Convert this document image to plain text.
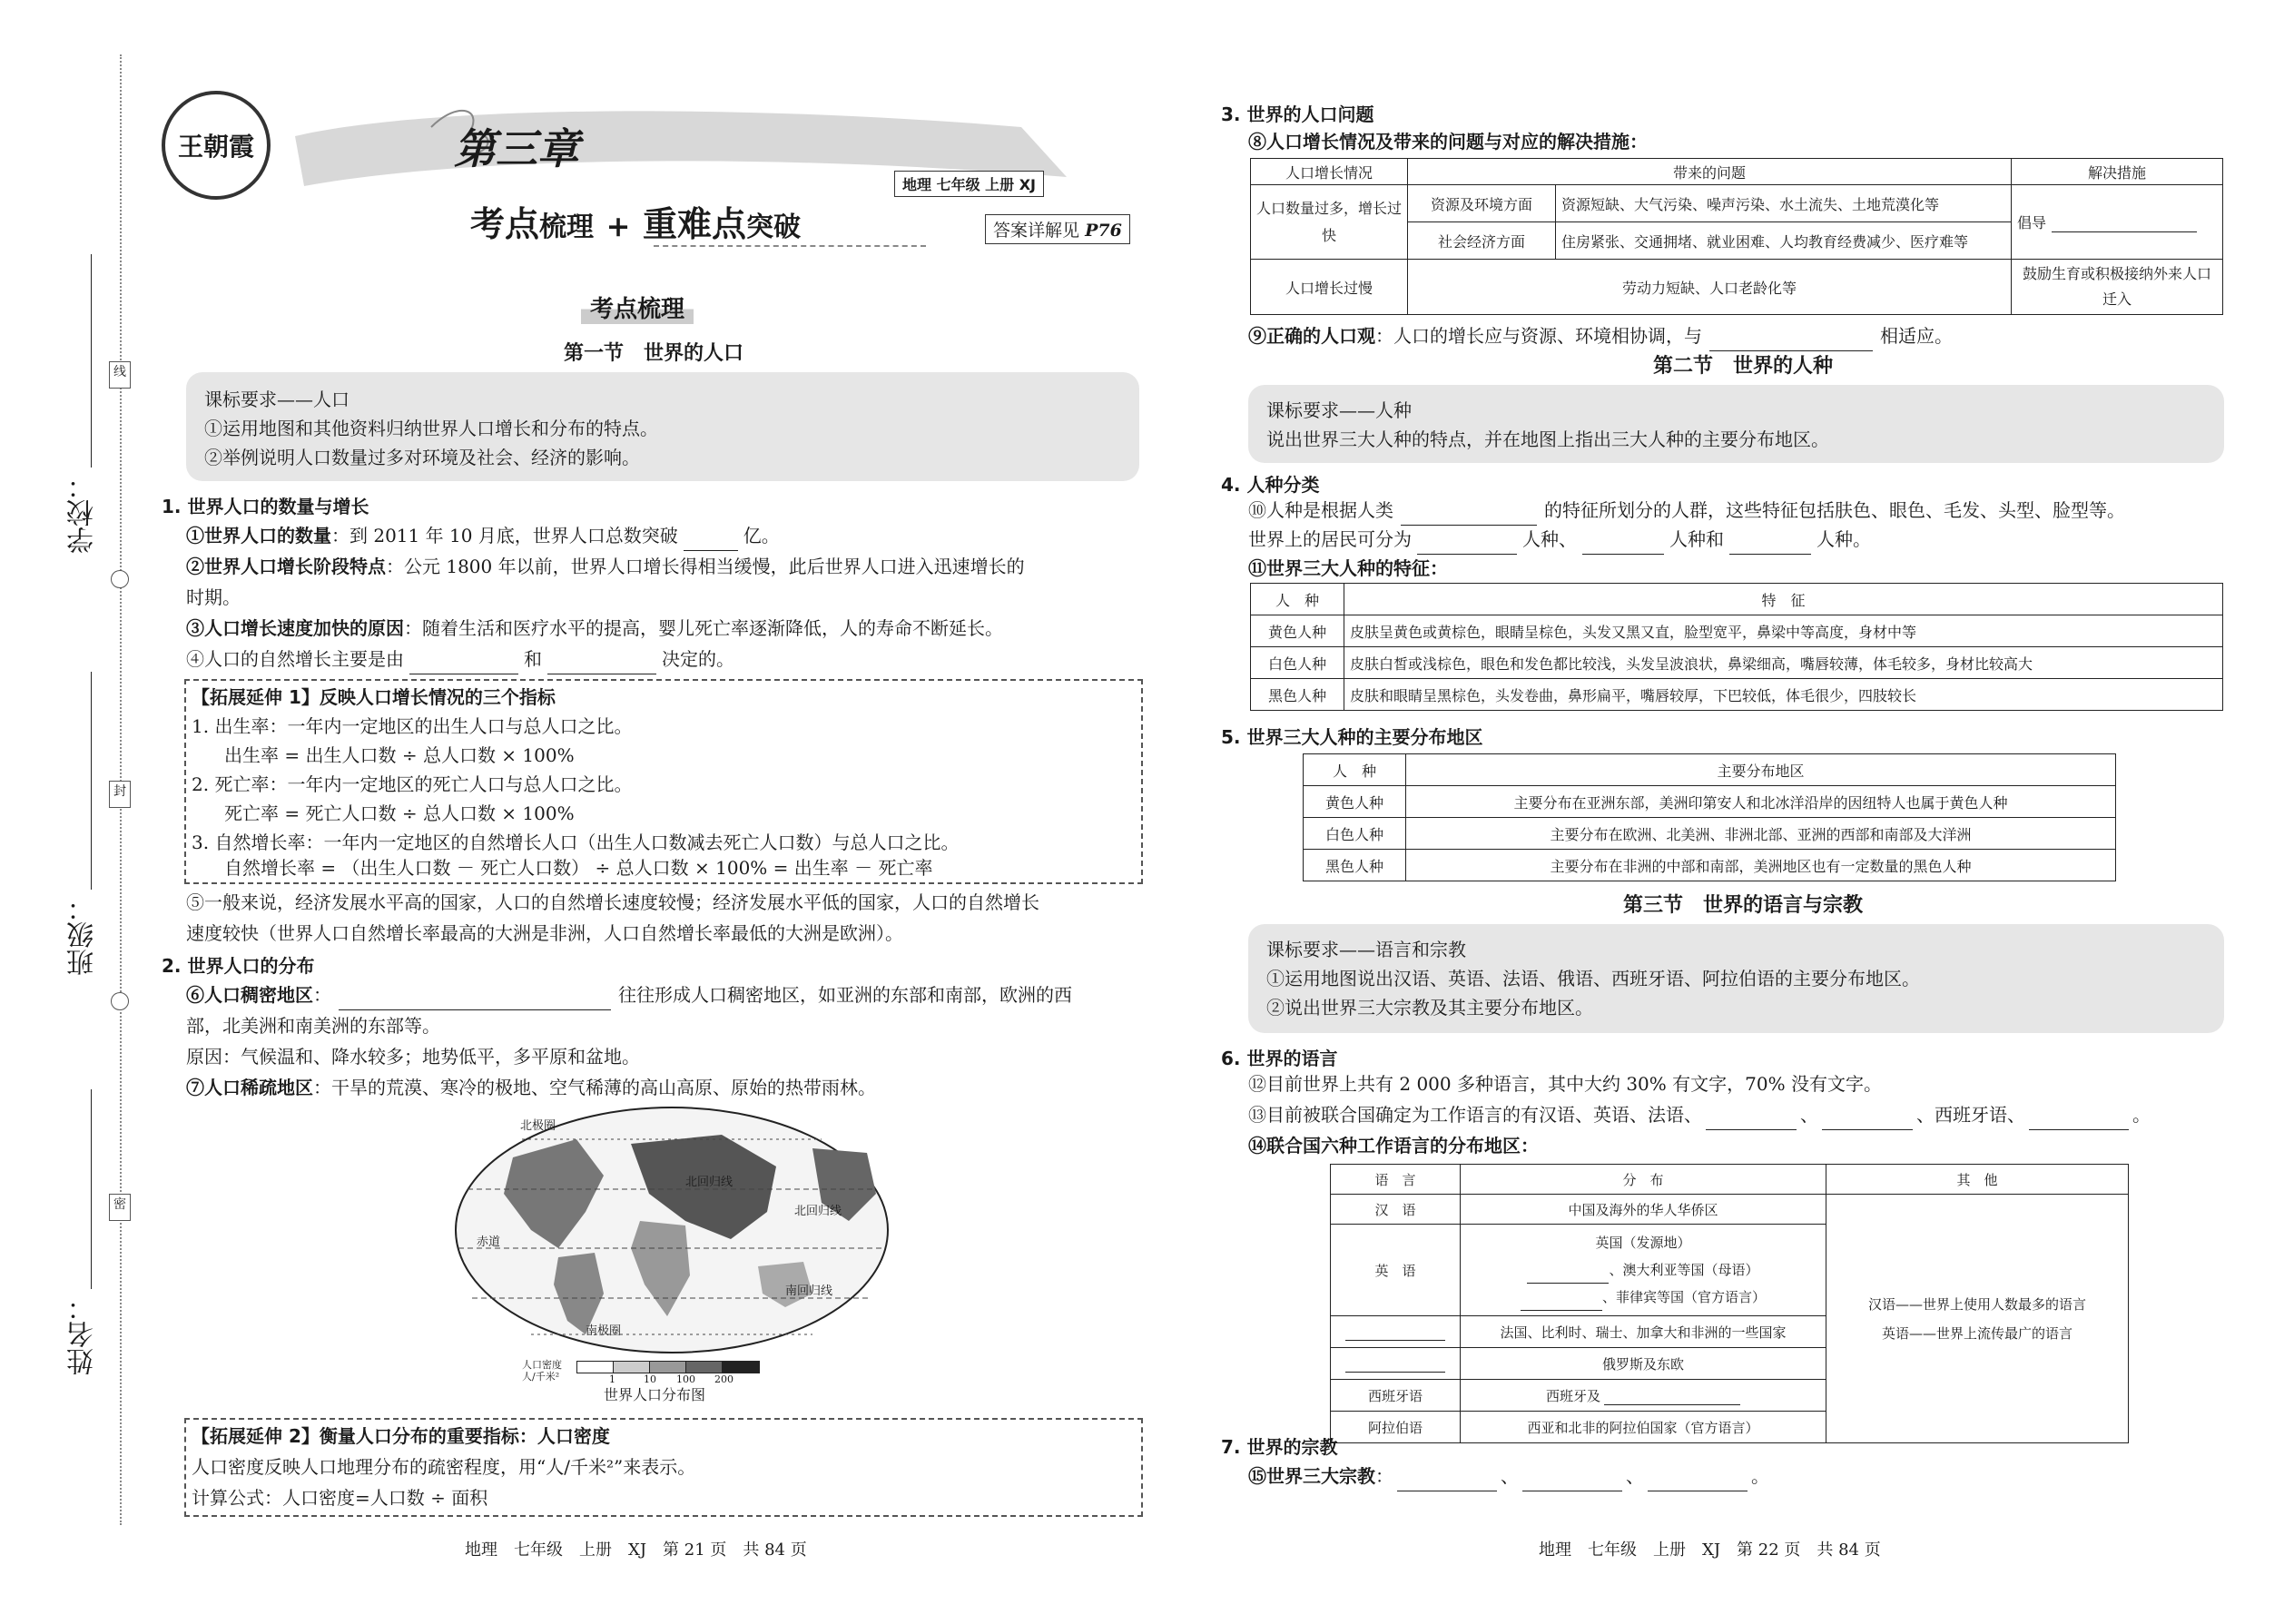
线
封
密
学校：
班级：
姓名：
王朝霞	第三章
考点梳理 + 重难点突破
地理 七年级 上册 XJ
答案详解见 P76
考点梳理
第一节　世界的人口
课标要求——人口
①运用地图和其他资料归纳世界人口增长和分布的特点。
②举例说明人口数量过多对环境及社会、经济的影响。
1. 世界人口的数量与增长
①世界人口的数量：到 2011 年 10 月底，世界人口总数突破	亿。
②世界人口增长阶段特点：公元 1800 年以前，世界人口增长得相当缓慢，此后世界人口进入迅速增长的
时期。
③人口增长速度加快的原因：随着生活和医疗水平的提高，婴儿死亡率逐渐降低，人的寿命不断延长。
④人口的自然增长主要是由	和	决定的。
【拓展延伸 1】反映人口增长情况的三个指标
1. 出生率：一年内一定地区的出生人口与总人口之比。
出生率 = 出生人口数 ÷ 总人口数 × 100%
2. 死亡率：一年内一定地区的死亡人口与总人口之比。
死亡率 = 死亡人口数 ÷ 总人口数 × 100%
3. 自然增长率：一年内一定地区的自然增长人口（出生人口数减去死亡人口数）与总人口之比。
自然增长率 = （出生人口数 － 死亡人口数） ÷ 总人口数 × 100% = 出生率 － 死亡率
⑤一般来说，经济发展水平高的国家，人口的自然增长速度较慢；经济发展水平低的国家，人口的自然增长
速度较快（世界人口自然增长率最高的大洲是非洲，人口自然增长率最低的大洲是欧洲）。
2. 世界人口的分布
⑥人口稠密地区：	往往形成人口稠密地区，如亚洲的东部和南部，欧洲的西
部，北美洲和南美洲的东部等。
原因：气候温和、降水较多；地势低平，多平原和盆地。
⑦人口稀疏地区：干旱的荒漠、寒冷的极地、空气稀薄的高山高原、原始的热带雨林。
北极圈
北回归线
北回归线
赤道
南回归线
南极圈
人口密度
人/千米²	1	10 100 200
世界人口分布图
【拓展延伸 2】衡量人口分布的重要指标：人口密度
人口密度反映人口地理分布的疏密程度，用“人/千米²”来表示。
计算公式：人口密度=人口数 ÷ 面积
地理　七年级　上册　XJ　第 21 页　共 84 页
3. 世界的人口问题
⑧人口增长情况及带来的问题与对应的解决措施：
人口增长情况	带来的问题		解决措施
人口数量过多，增长过快	资源及环境方面	资源短缺、大气污染、噪声污染、水土流失、土地荒漠化等	倡导
	社会经济方面	住房紧张、交通拥堵、就业困难、人均教育经费减少、医疗难等	
人口增长过慢	劳动力短缺、人口老龄化等		鼓励生育或积极接纳外来人口迁入
⑨正确的人口观：人口的增长应与资源、环境相协调，与	相适应。
第二节　世界的人种
课标要求——人种
说出世界三大人种的特点，并在地图上指出三大人种的主要分布地区。
4. 人种分类
⑩人种是根据人类	的特征所划分的人群，这些特征包括肤色、眼色、毛发、头型、脸型等。
世界上的居民可分为	人种、	人种和	人种。
⑪世界三大人种的特征：
人　种	特　征
黄色人种	皮肤呈黄色或黄棕色，眼睛呈棕色，头发又黑又直，脸型宽平，鼻梁中等高度，身材中等
白色人种	皮肤白皙或浅棕色，眼色和发色都比较浅，头发呈波浪状，鼻梁细高，嘴唇较薄，体毛较多，身材比较高大
黑色人种	皮肤和眼睛呈黑棕色，头发卷曲，鼻形扁平，嘴唇较厚，下巴较低，体毛很少，四肢较长
5. 世界三大人种的主要分布地区
人　种	主要分布地区
黄色人种	主要分布在亚洲东部，美洲印第安人和北冰洋沿岸的因纽特人也属于黄色人种
白色人种	主要分布在欧洲、北美洲、非洲北部、亚洲的西部和南部及大洋洲
黑色人种	主要分布在非洲的中部和南部，美洲地区也有一定数量的黑色人种
第三节　世界的语言与宗教
课标要求——语言和宗教
①运用地图说出汉语、英语、法语、俄语、西班牙语、阿拉伯语的主要分布地区。
②说出世界三大宗教及其主要分布地区。
6. 世界的语言
⑫目前世界上共有 2 000 多种语言，其中大约 30% 有文字，70% 没有文字。
⑬目前被联合国确定为工作语言的有汉语、英语、法语、	、	、西班牙语、	。
⑭联合国六种工作语言的分布地区：
语　言	分　布	其　他
汉　语	中国及海外的华人华侨区	汉语——世界上使用人数最多的语言
英语——世界上流传最广的语言

英　语	英国（发源地）
、澳大利亚等国（母语）
、菲律宾等国（官方语言）	

	法国、比利时、瑞士、加拿大和非洲的一些国家	
	俄罗斯及东欧	
西班牙语	西班牙及	
阿拉伯语	西亚和北非的阿拉伯国家（官方语言）	
7. 世界的宗教
⑮世界三大宗教：	、	、	。
地理　七年级　上册　XJ　第 22 页　共 84 页
